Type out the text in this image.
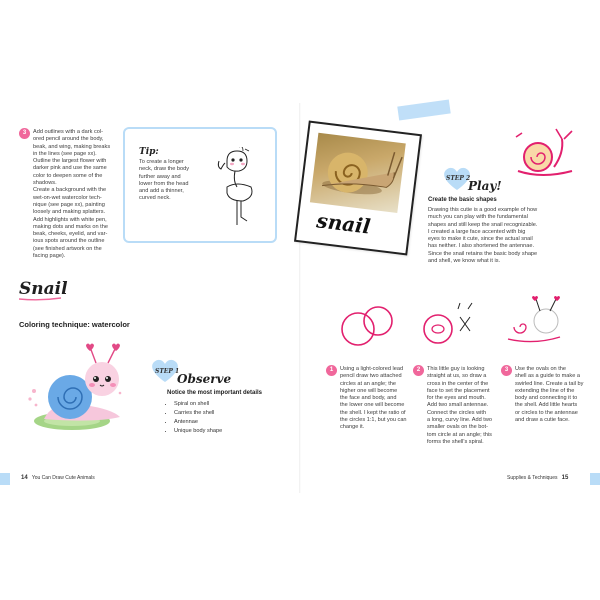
3	Add outlines with a dark col-
ored pencil around the body,
beak, and wing, making breaks
in the lines (see page xx).
Outline the largest flower with
darker pink and use the same
color to deepen some of the
shadows.
Create a background with the
wet-on-wet watercolor tech-
nique (see page xx), painting
loosely and making splatters.
Add highlights with white pen,
making dots and marks on the
beak, cheeks, eyelid, and var-
ious spots around the outline
(see finished artwork on the
facing page).
Tip:
To create a longer
neck, draw the body
further away and
lower from the head
and add a thinner,
curved neck.
Snail
Coloring technique: watercolor
STEP 1
Observe
Notice the most important details
• Spiral on shell
• Carries the shell
• Antennae
• Unique body shape
14 You Can Draw Cute Animals
snail
STEP 2
Play!
Create the basic shapes
Drawing this cutie is a good example of how
much you can play with the fundamental
shapes and still keep the snail recognizable.
I created a large face accented with big
eyes to make it cute, since the actual snail
has neither. I also shortened the antennae.
Since the snail retains the basic body shape
and shell, we know what it is.
1	Using a light-colored lead
pencil draw two attached
circles at an angle; the
higher one will become
the face and body, and
the lower one will become
the shell. I kept the ratio of
the circles 1:1, but you can
change it.
2	This little guy is looking
straight at us, so draw a
cross in the center of the
face to set the placement
for the eyes and mouth.
Add two small antennae.
Connect the circles with
a long, curvy line. Add two
smaller ovals on the bot-
tom circle at an angle; this
forms the shell's spiral.
3	Use the ovals on the
shell as a guide to make a
swirled line. Create a tail by
extending the line of the
body and connecting it to
the shell. Add little hearts
or circles to the antennae
and draw a cutie face.
Supplies & Techniques 15
